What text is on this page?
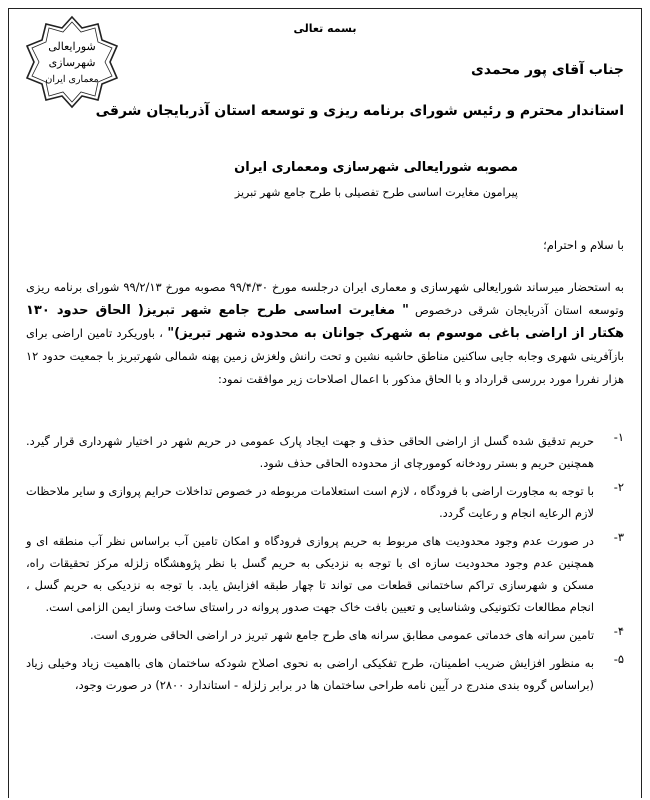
شورایعالی
شهرسازی
معماری ایران
بسمه تعالی
جناب آقای پور محمدی
استاندار محترم و رئیس شورای برنامه ریزی و توسعه استان آذربایجان شرقی
مصوبه شورایعالی شهرسازی ومعماری ایران
پیرامون مغایرت اساسی طرح تفصیلی با طرح جامع شهر تبریز
با سلام و احترام؛
به استحضار میرساند شورایعالی شهرسازی و معماری ایران درجلسه مورخ ۹۹/۴/۳۰ مصوبه مورخ ۹۹/۲/۱۳ شورای برنامه ریزی وتوسعه استان آذربایجان شرقی درخصوص " مغایرت اساسی طرح جامع شهر تبریز( الحاق حدود ۱۳۰ هکتار از اراضی باغی موسوم به شهرک جوانان به محدوده شهر تبریز)" ، باوریکرد تامین اراضی برای بازآفرینی شهری وجابه جایی ساکنین مناطق حاشیه نشین و تحت رانش ولغزش زمین پهنه شمالی شهرتبریز با جمعیت حدود ۱۲ هزار نفررا مورد بررسی قرارداد و با الحاق مذکور با اعمال اصلاحات زیر موافقت نمود:
۱-
حریم تدقیق شده گسل از اراضی الحاقی حذف و جهت ایجاد پارک عمومی در حریم شهر در اختیار شهرداری قرار گیرد. همچنین حریم و بستر رودخانه کومورچای از محدوده الحاقی حذف شود.
۲-
با توجه به مجاورت اراضی با فرودگاه ، لازم است استعلامات مربوطه در خصوص تداخلات حرایم پروازی و سایر ملاحظات لازم الرعایه انجام و رعایت گردد.
۳-
در صورت عدم وجود محدودیت های مربوط به حریم پروازی فرودگاه و امکان تامین آب براساس نظر آب منطقه ای و همچنین عدم وجود محدودیت سازه ای با توجه به نزدیکی به حریم گسل با نظر پژوهشگاه زلزله مرکز تحقیقات راه، مسکن و شهرسازی تراکم ساختمانی قطعات می تواند تا چهار طبقه افزایش یابد. با توجه به نزدیکی به حریم گسل ، انجام مطالعات تکتونیکی وشناسایی و تعیین بافت خاک جهت صدور پروانه در راستای ساخت وساز ایمن الزامی است.
۴-
تامین سرانه های خدماتی عمومی مطابق سرانه های طرح جامع شهر تبریز در اراضی الحاقی ضروری است.
۵-
به منظور افزایش ضریب اطمینان، طرح تفکیکی اراضی به نحوی اصلاح شودکه ساختمان های بااهمیت زیاد وخیلی زیاد (براساس گروه بندی مندرج در آیین نامه طراحی ساختمان ها در برابر زلزله - استاندارد ۲۸۰۰) در صورت وجود،
